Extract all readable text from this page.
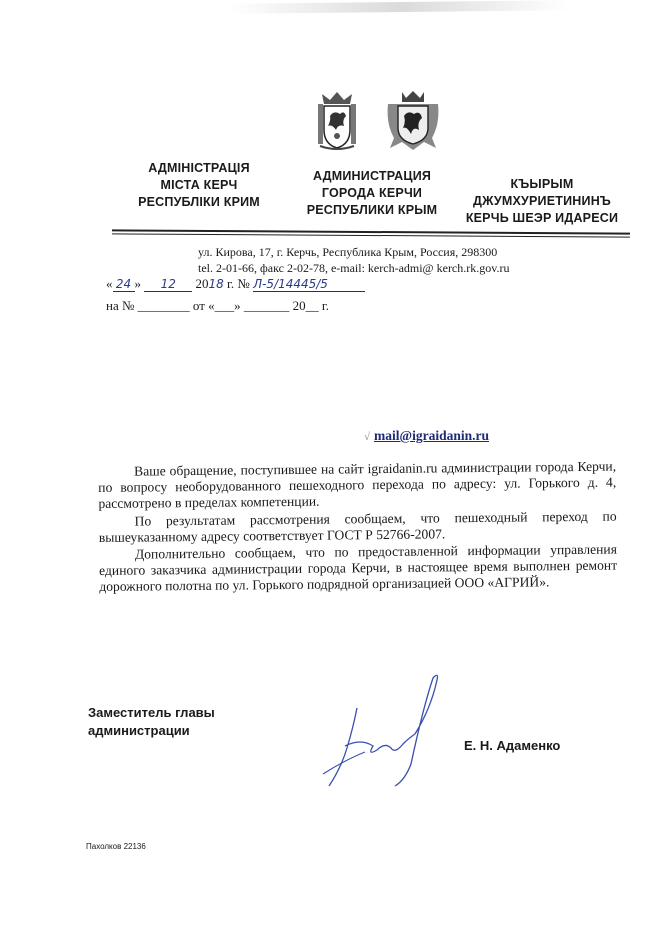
АДМІНІСТРАЦІЯ
МІСТА КЕРЧ
РЕСПУБЛІКИ КРИМ
АДМИНИСТРАЦИЯ
ГОРОДА КЕРЧИ
РЕСПУБЛИКИ КРЫМ
КЪЫРЫМ
ДЖУМХУРИЕТИНИНЪ
КЕРЧЬ ШЕЭР ИДАРЕСИ
ул. Кирова, 17, г. Керчь, Республика Крым, Россия, 298300
tel. 2-01-66, факс 2-02-78, e-mail: kerch-admi@ kerch.rk.gov.ru
« 24 » 12 2018 г. № Л-5/14445/5
на № ________ от «___» _______ 20__ г.
√ mail@igraidanin.ru

Ваше обращение, поступившее на сайт igraidanin.ru администрации города Керчи, по вопросу необорудованного пешеходного перехода по адресу: ул. Горького д. 4, рассмотрено в пределах компетенции.

По результатам рассмотрения сообщаем, что пешеходный переход по вышеуказанному адресу соответствует ГОСТ Р 52766-2007.

Дополнительно сообщаем, что по предоставленной информации управления единого заказчика администрации города Керчи, в настоящее время выполнен ремонт дорожного полотна по ул. Горького подрядной организацией ООО «АГРИЙ».

Заместитель главы
администрации
Е. Н. Адаменко
Пахолков 22136
